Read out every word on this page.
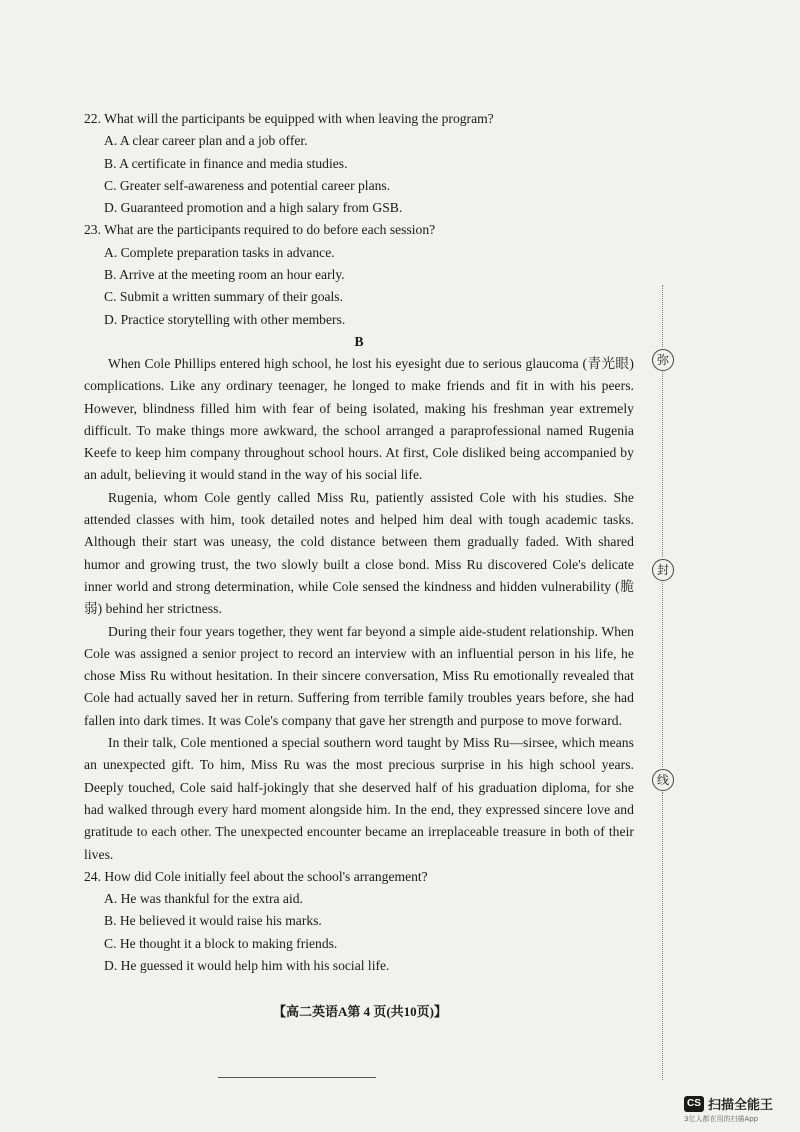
22. What will the participants be equipped with when leaving the program?

A. A clear career plan and a job offer.

B. A certificate in finance and media studies.

C. Greater self-awareness and potential career plans.

D. Guaranteed promotion and a high salary from GSB.

23. What are the participants required to do before each session?

A. Complete preparation tasks in advance.

B. Arrive at the meeting room an hour early.

C. Submit a written summary of their goals.

D. Practice storytelling with other members.

B

When Cole Phillips entered high school, he lost his eyesight due to serious glaucoma (青光眼) complications. Like any ordinary teenager, he longed to make friends and fit in with his peers. However, blindness filled him with fear of being isolated, making his freshman year extremely difficult. To make things more awkward, the school arranged a paraprofessional named Rugenia Keefe to keep him company throughout school hours. At first, Cole disliked being accompanied by an adult, believing it would stand in the way of his social life.

Rugenia, whom Cole gently called Miss Ru, patiently assisted Cole with his studies. She attended classes with him, took detailed notes and helped him deal with tough academic tasks. Although their start was uneasy, the cold distance between them gradually faded. With shared humor and growing trust, the two slowly built a close bond. Miss Ru discovered Cole's delicate inner world and strong determination, while Cole sensed the kindness and hidden vulnerability (脆弱) behind her strictness.

During their four years together, they went far beyond a simple aide-student relationship. When Cole was assigned a senior project to record an interview with an influential person in his life, he chose Miss Ru without hesitation. In their sincere conversation, Miss Ru emotionally revealed that Cole had actually saved her in return. Suffering from terrible family troubles years before, she had fallen into dark times. It was Cole's company that gave her strength and purpose to move forward.

In their talk, Cole mentioned a special southern word taught by Miss Ru—sirsee, which means an unexpected gift. To him, Miss Ru was the most precious surprise in his high school years. Deeply touched, Cole said half-jokingly that she deserved half of his graduation diploma, for she had walked through every hard moment alongside him. In the end, they expressed sincere love and gratitude to each other. The unexpected encounter became an irreplaceable treasure in both of their lives.

24. How did Cole initially feel about the school's arrangement?

A. He was thankful for the extra aid.

B. He believed it would raise his marks.

C. He thought it a block to making friends.

D. He guessed it would help him with his social life.

【高二英语A第 4 页(共10页)】
弥
封
线
CS 扫描全能王
3亿人都在用的扫描App
